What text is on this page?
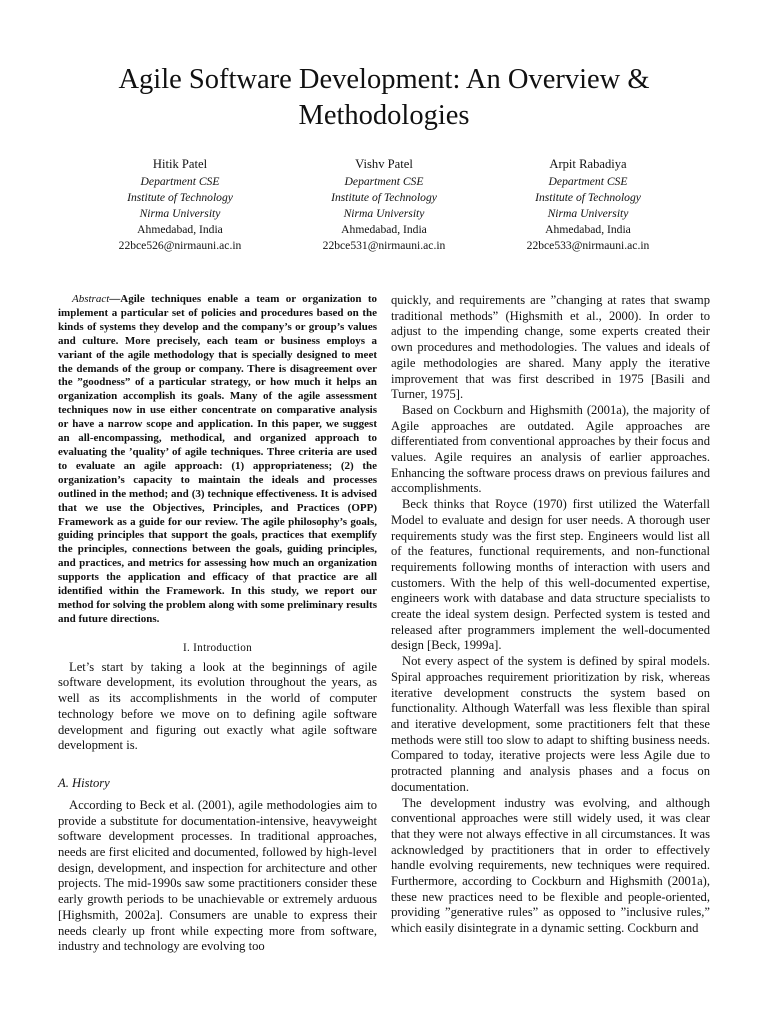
Agile Software Development: An Overview &
Methodologies
Hitik Patel
Department CSE
Institute of Technology
Nirma University
Ahmedabad, India
22bce526@nirmauni.ac.in
Vishv Patel
Department CSE
Institute of Technology
Nirma University
Ahmedabad, India
22bce531@nirmauni.ac.in
Arpit Rabadiya
Department CSE
Institute of Technology
Nirma University
Ahmedabad, India
22bce533@nirmauni.ac.in

Abstract—Agile techniques enable a team or organization to implement a particular set of policies and procedures based on the kinds of systems they develop and the company’s or group’s values and culture. More precisely, each team or business employs a variant of the agile methodology that is specially designed to meet the demands of the group or company. There is disagreement over the ”goodness” of a particular strategy, or how much it helps an organization accomplish its goals. Many of the agile assessment techniques now in use either concentrate on comparative analysis or have a narrow scope and application. In this paper, we suggest an all-encompassing, methodical, and organized approach to evaluating the ’quality’ of agile techniques. Three criteria are used to evaluate an agile approach: (1) appropriateness; (2) the organization’s capacity to maintain the ideals and processes outlined in the method; and (3) technique effectiveness. It is advised that we use the Objectives, Principles, and Practices (OPP) Framework as a guide for our review. The agile philosophy’s goals, guiding principles that support the goals, practices that exemplify the principles, connections between the goals, guiding principles, and practices, and metrics for assessing how much an organization supports the application and efficacy of that practice are all identified within the Framework. In this study, we report our method for solving the problem along with some preliminary results and future directions.

I. Introduction

Let’s start by taking a look at the beginnings of agile software development, its evolution throughout the years, as well as its accomplishments in the world of computer technology before we move on to defining agile software development and figuring out exactly what agile software development is.

A. History

According to Beck et al. (2001), agile methodologies aim to provide a substitute for documentation-intensive, heavyweight software development processes. In traditional approaches, needs are first elicited and documented, followed by high-level design, development, and inspection for architecture and other projects. The mid-1990s saw some practitioners consider these early growth periods to be unachievable or extremely arduous [Highsmith, 2002a]. Consumers are unable to express their needs clearly up front while expecting more from software, industry and technology are evolving too

quickly, and requirements are ”changing at rates that swamp traditional methods” (Highsmith et al., 2000). In order to adjust to the impending change, some experts created their own procedures and methodologies. The values and ideals of agile methodologies are shared. Many apply the iterative improvement that was first described in 1975 [Basili and Turner, 1975].

Based on Cockburn and Highsmith (2001a), the majority of Agile approaches are outdated. Agile approaches are differentiated from conventional approaches by their focus and values. Agile requires an analysis of earlier approaches. Enhancing the software process draws on previous failures and accomplishments.

Beck thinks that Royce (1970) first utilized the Waterfall Model to evaluate and design for user needs. A thorough user requirements study was the first step. Engineers would list all of the features, functional requirements, and non-functional requirements following months of interaction with users and customers. With the help of this well-documented expertise, engineers work with database and data structure specialists to create the ideal system design. Perfected system is tested and released after programmers implement the well-documented design [Beck, 1999a].

Not every aspect of the system is defined by spiral models. Spiral approaches requirement prioritization by risk, whereas iterative development constructs the system based on functionality. Although Waterfall was less flexible than spiral and iterative development, some practitioners felt that these methods were still too slow to adapt to shifting business needs. Compared to today, iterative projects were less Agile due to protracted planning and analysis phases and a focus on documentation.

The development industry was evolving, and although conventional approaches were still widely used, it was clear that they were not always effective in all circumstances. It was acknowledged by practitioners that in order to effectively handle evolving requirements, new techniques were required. Furthermore, according to Cockburn and Highsmith (2001a), these new practices need to be flexible and people-oriented, providing ”generative rules” as opposed to ”inclusive rules,” which easily disintegrate in a dynamic setting. Cockburn and
